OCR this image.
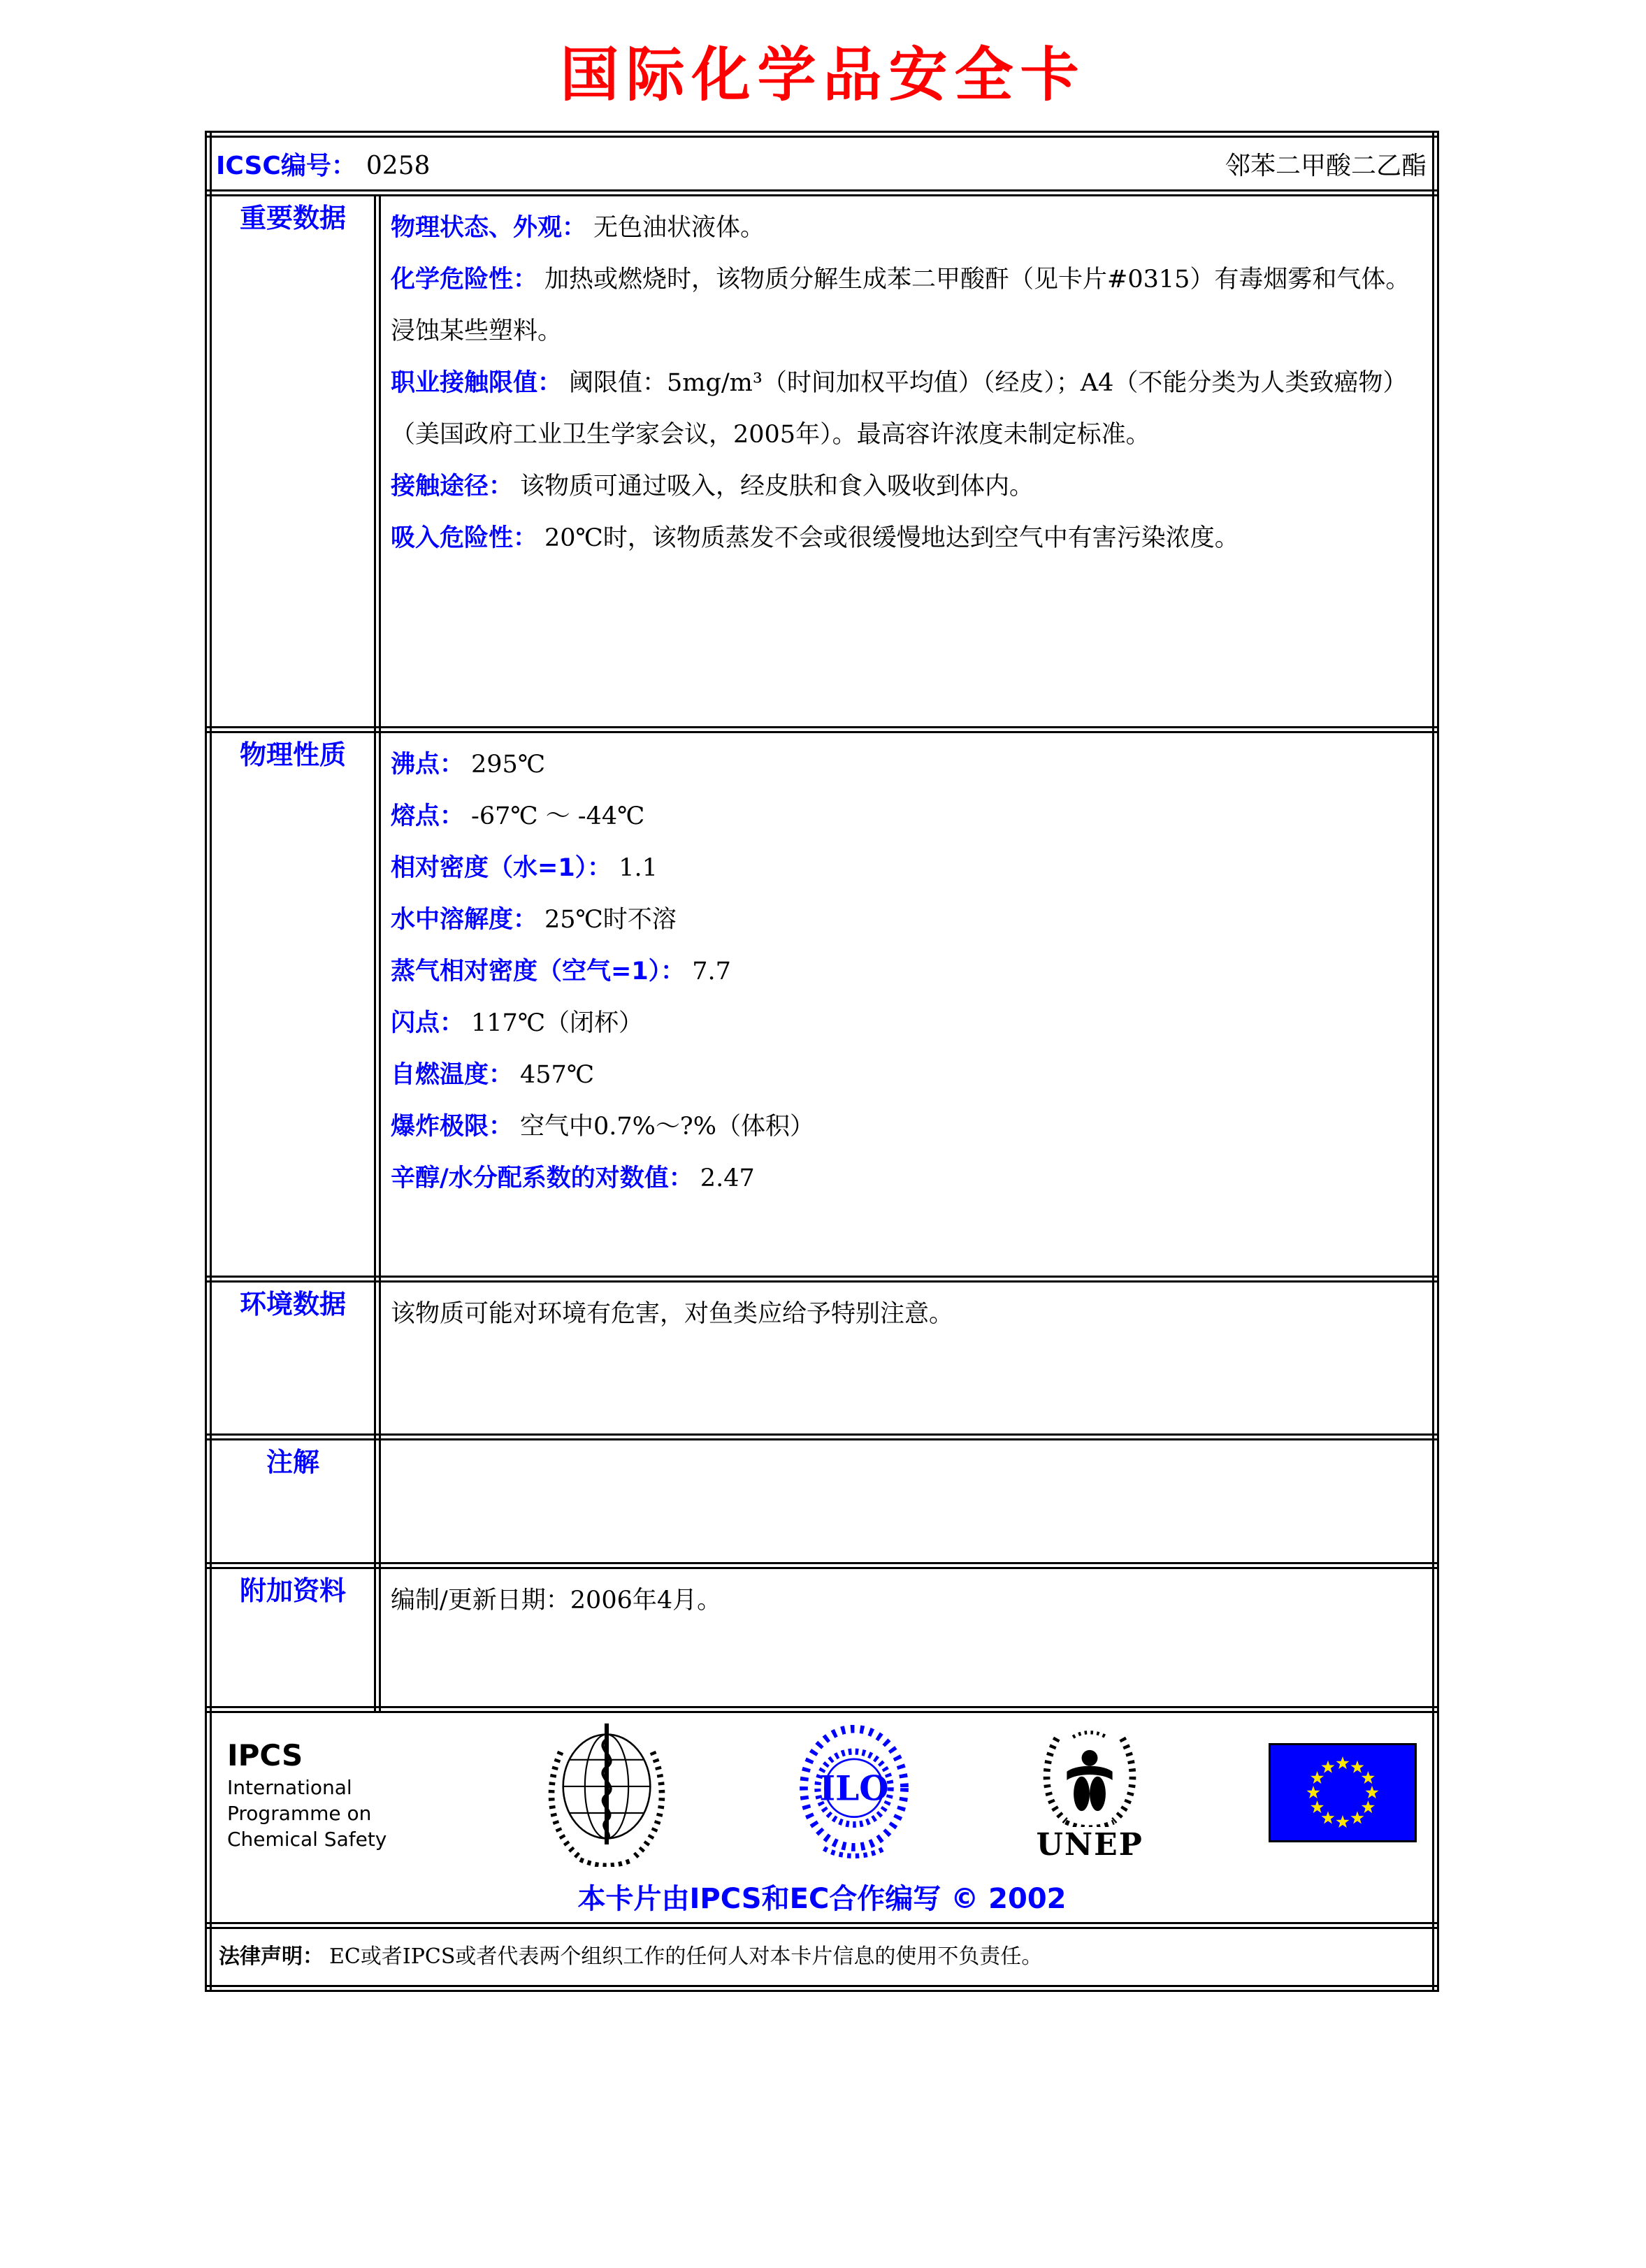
国际化学品安全卡
ICSC编号： 0258 邻苯二甲酸二乙酯	

重要数据	物理状态、外观： 无色油状液体。
化学危险性： 加热或燃烧时，该物质分解生成苯二甲酸酐（见卡片#0315）有毒烟雾和气体。浸蚀某些塑料。
职业接触限值： 阈限值：5mg/m³（时间加权平均值）（经皮）；A4（不能分类为人类致癌物）（美国政府工业卫生学家会议，2005年）。最高容许浓度未制定标准。
接触途径： 该物质可通过吸入，经皮肤和食入吸收到体内。
吸入危险性： 20℃时，该物质蒸发不会或很缓慢地达到空气中有害污染浓度。

物理性质	沸点： 295℃
熔点： -67℃ ～ -44℃
相对密度（水=1）： 1.1
水中溶解度： 25℃时不溶
蒸气相对密度（空气=1）： 7.7
闪点： 117℃（闭杯）
自燃温度： 457℃
爆炸极限： 空气中0.7%～?%（体积）
辛醇/水分配系数的对数值： 2.47

环境数据	该物质可能对环境有危害，对鱼类应给予特别注意。

注解	

附加资料	编制/更新日期：2006年4月。

IPCS
International
Programme on
Chemical Safety
ILO
UNEP
本卡片由IPCS和EC合作编写 © 2002

法律声明： EC或者IPCS或者代表两个组织工作的任何人对本卡片信息的使用不负责任。	
